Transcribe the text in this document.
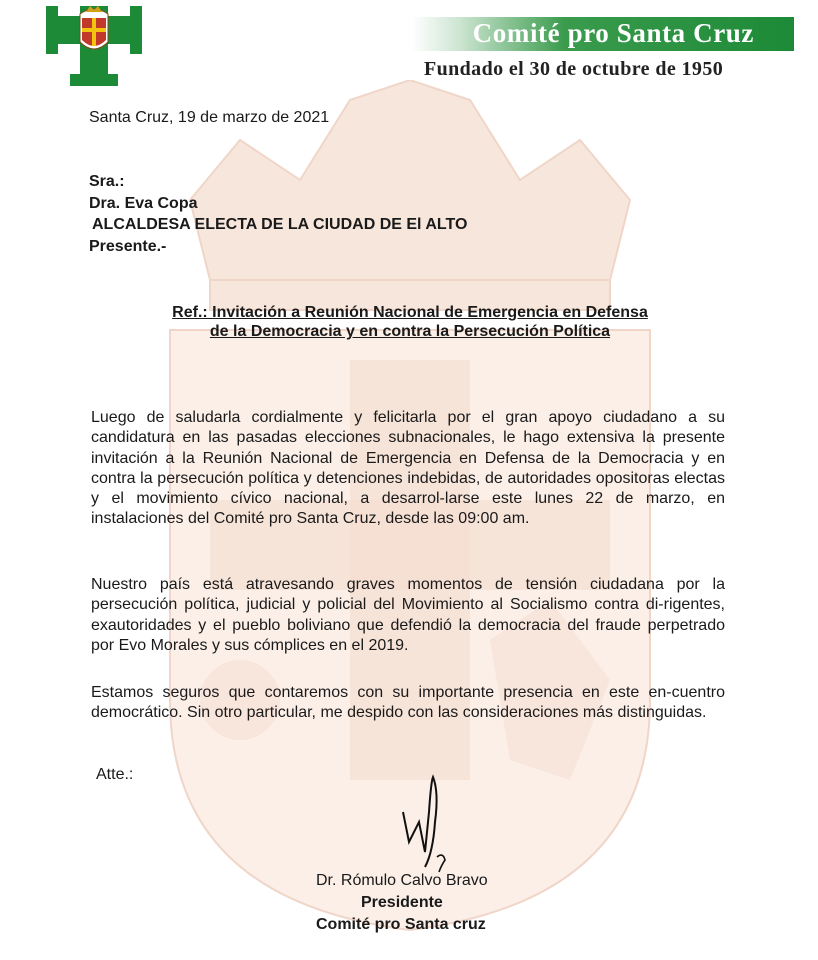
Comité pro Santa Cruz
Fundado el 30 de octubre de 1950
Santa Cruz, 19 de marzo de 2021
Sra.:
Dra. Eva Copa
ALCALDESA ELECTA DE LA CIUDAD DE El ALTO
Presente.-
Ref.: Invitación a Reunión Nacional de Emergencia en Defensa
de la Democracia y en contra la Persecución Política
Luego de saludarla cordialmente y felicitarla por el gran apoyo ciudadano a su candidatura en las pasadas elecciones subnacionales, le hago extensiva la presente invitación a la Reunión Nacional de Emergencia en Defensa de la Democracia y en contra la persecución política y detenciones indebidas, de autoridades opositoras electas y el movimiento cívico nacional, a desarrol-larse este lunes 22 de marzo, en instalaciones del Comité pro Santa Cruz, desde las 09:00 am.
Nuestro país está atravesando graves momentos de tensión ciudadana por la persecución política, judicial y policial del Movimiento al Socialismo contra di-rigentes, exautoridades y el pueblo boliviano que defendió la democracia del fraude perpetrado por Evo Morales y sus cómplices en el 2019.
Estamos seguros que contaremos con su importante presencia en este en-cuentro democrático. Sin otro particular, me despido con las consideraciones más distinguidas.
Atte.:
Dr. Rómulo Calvo Bravo
Presidente
Comité pro Santa cruz
